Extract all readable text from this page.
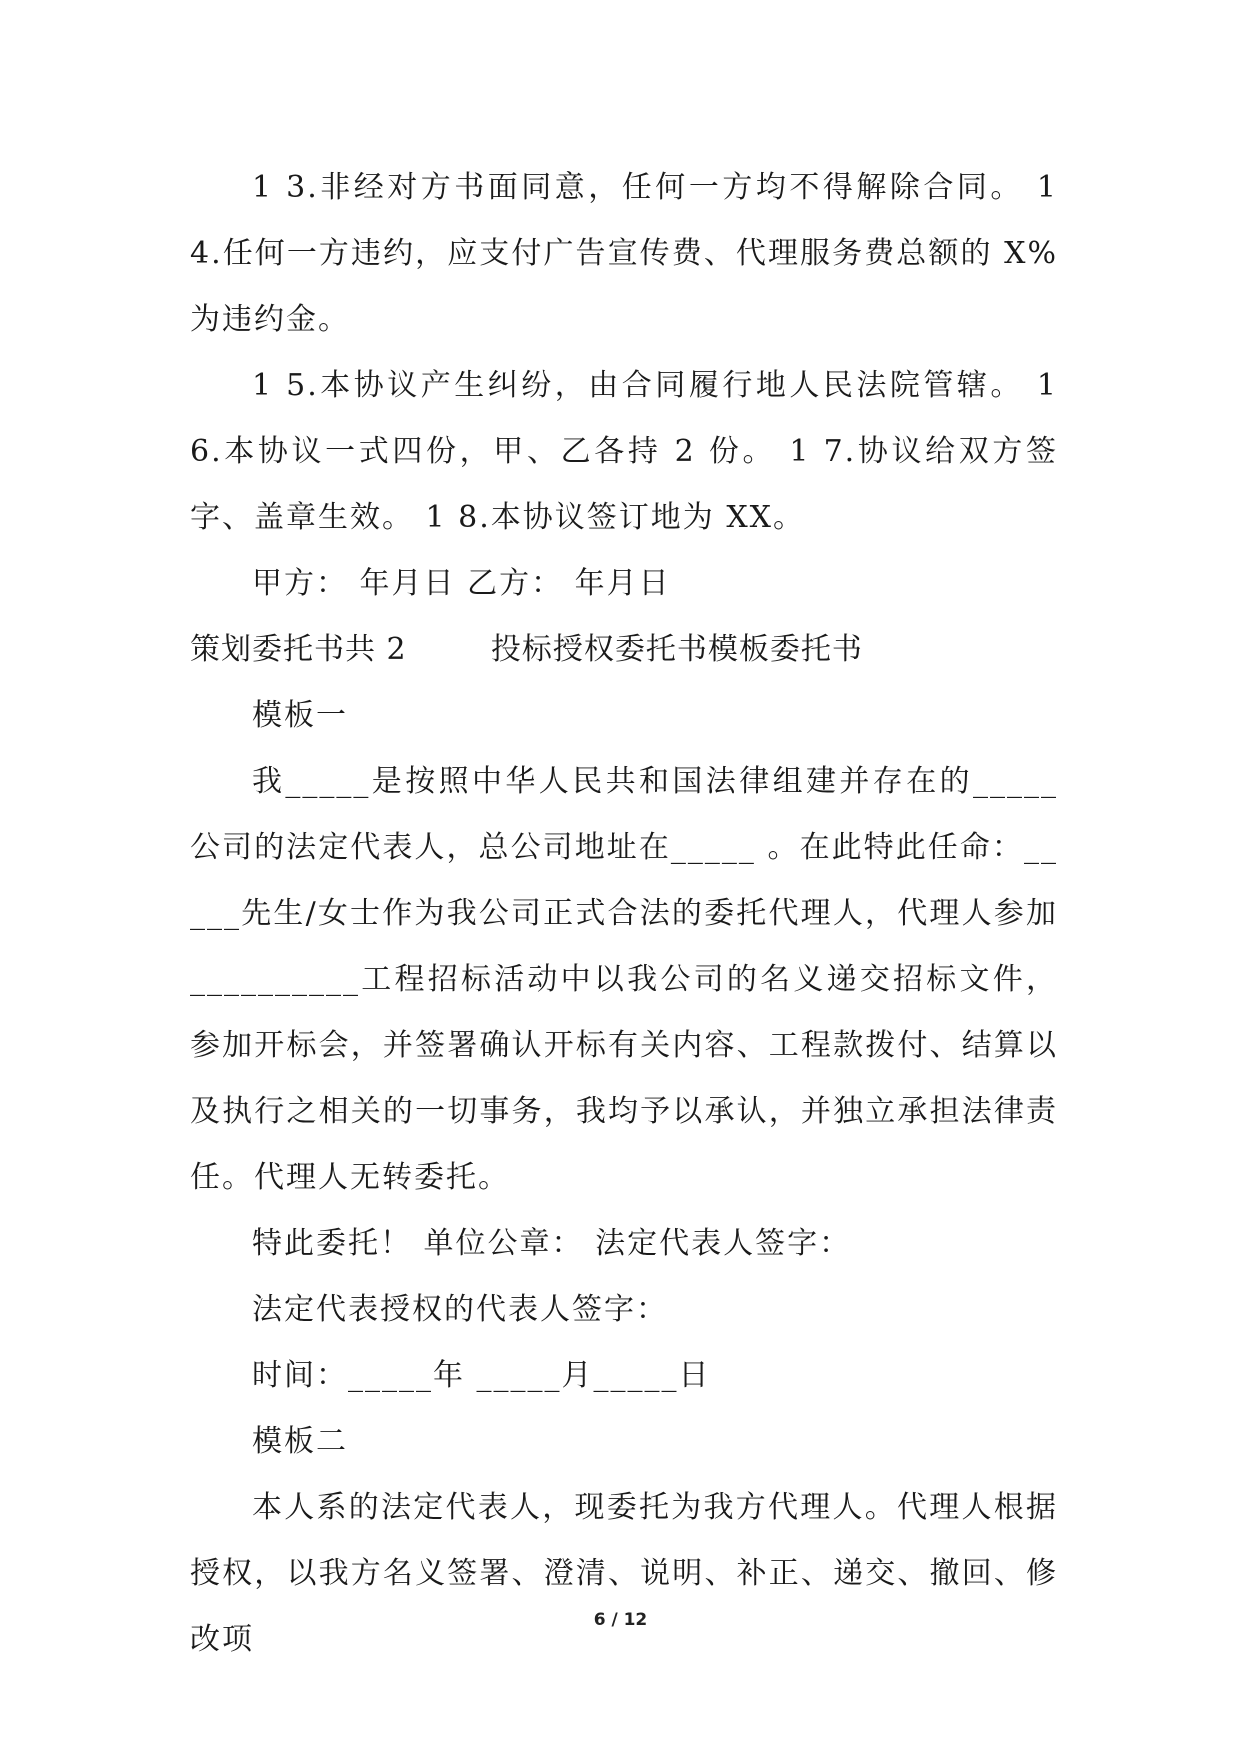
1 3.非经对方书面同意，任何一方均不得解除合同。 1 4.任何一方违约，应支付广告宣传费、代理服务费总额的 X%为违约金。

1 5.本协议产生纠纷，由合同履行地人民法院管辖。 1 6.本协议一式四份，甲、乙各持 2 份。 1 7.协议给双方签字、盖章生效。 1 8.本协议签订地为 XX。

甲方： 年月日 乙方： 年月日

策划委托书共 2        投标授权委托书模板委托书

模板一

我_____是按照中华人民共和国法律组建并存在的_____公司的法定代表人，总公司地址在_____ 。在此特此任命：_____先生/女士作为我公司正式合法的委托代理人，代理人参加__________工程招标活动中以我公司的名义递交招标文件，参加开标会，并签署确认开标有关内容、工程款拨付、结算以及执行之相关的一切事务，我均予以承认，并独立承担法律责任。代理人无转委托。

特此委托！ 单位公章： 法定代表人签字：

法定代表授权的代表人签字：

时间：_____年 _____月_____日

模板二

本人系的法定代表人，现委托为我方代理人。代理人根据授权，以我方名义签署、澄清、说明、补正、递交、撤回、修改项

6 / 12
